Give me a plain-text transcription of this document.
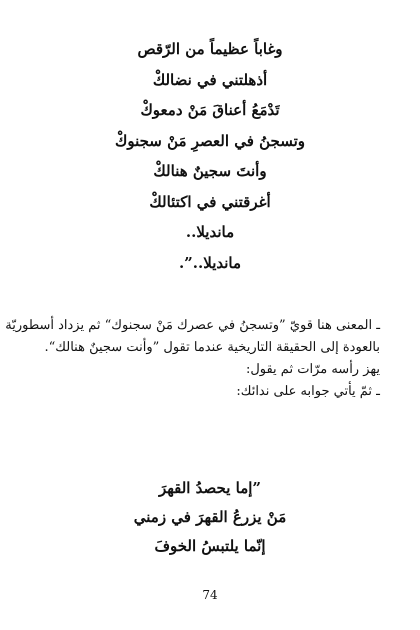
وغاباً عظيماً من الرّقص
أذهلتني في نضالكْ
تَدْمَعُ أعناقَ مَنْ دمعوكْ
وتسجنُ في العصرِ مَنْ سجنوكْ
وأنتَ سجينٌ هنالكْ
أغرقتني في اكتئالكْ
مانديلا..
مانديلا..”.
ـ المعنى هنا قويّ ”وتسجنُ في عصرك مَنْ سجنوك“ ثم يزداد أسطوريّة
بالعودة إلى الحقيقة التاريخية عندما تقول ”وأنت سجينٌ هنالك“.
يهز رأسه مرّات ثم يقول:
ـ ثمّ يأتي جوابه على ندائك:
”إما يحصدُ القهرَ
مَنْ يزرعُ القهرَ في زمني
إنّما يلتبسُ الخوفَ
74
